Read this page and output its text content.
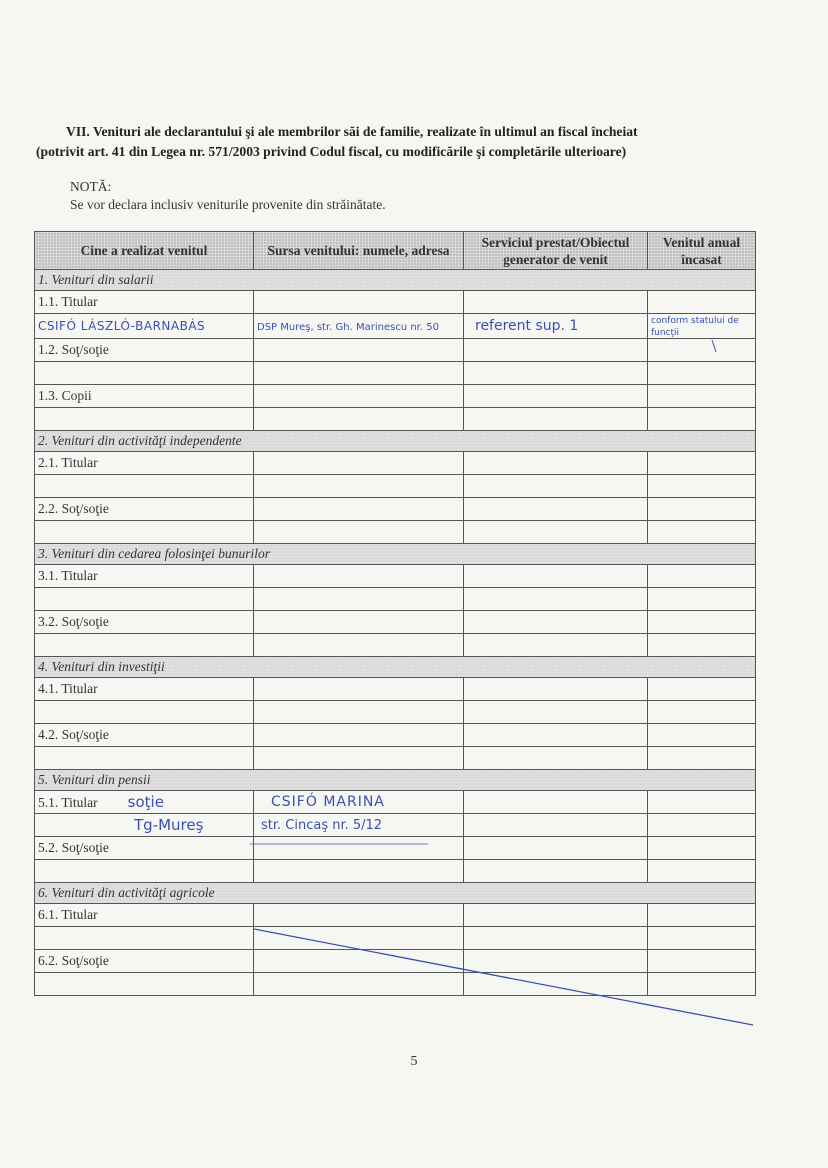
VII. Venituri ale declarantului şi ale membrilor săi de familie, realizate în ultimul an fiscal încheiat
(potrivit art. 41 din Legea nr. 571/2003 privind Codul fiscal, cu modificările şi completările ulterioare)
NOTĂ:
Se vor declara inclusiv veniturile provenite din străinătate.
Cine a realizat venitul	Sursa venitului: numele, adresa	Serviciul prestat/Obiectul generator de venit	Venitul anual încasat
1. Venituri din salarii			
1.1. Titular			
CSIFÓ LÁSZLÓ-BARNABÁS	DSP Mureş, str. Gh. Marinescu nr. 50	referent sup. 1	conform statului de funcţii
1.2. Soţ/soţie			

1.3. Copii			

2. Venituri din activităţi independente			
2.1. Titular			

2.2. Soţ/soţie			

3. Venituri din cedarea folosinţei bunurilor			
3.1. Titular			

3.2. Soţ/soţie			

4. Venituri din investiţii			
4.1. Titular			

4.2. Soţ/soţie			

5. Venituri din pensii			
5.1. Titular soţie	CSIFÓ MARINA		
Tg-Mureş	str. Cincaş nr. 5/12		
5.2. Soţ/soţie			

6. Venituri din activităţi agricole			
6.1. Titular			

6.2. Soţ/soţie			

5
